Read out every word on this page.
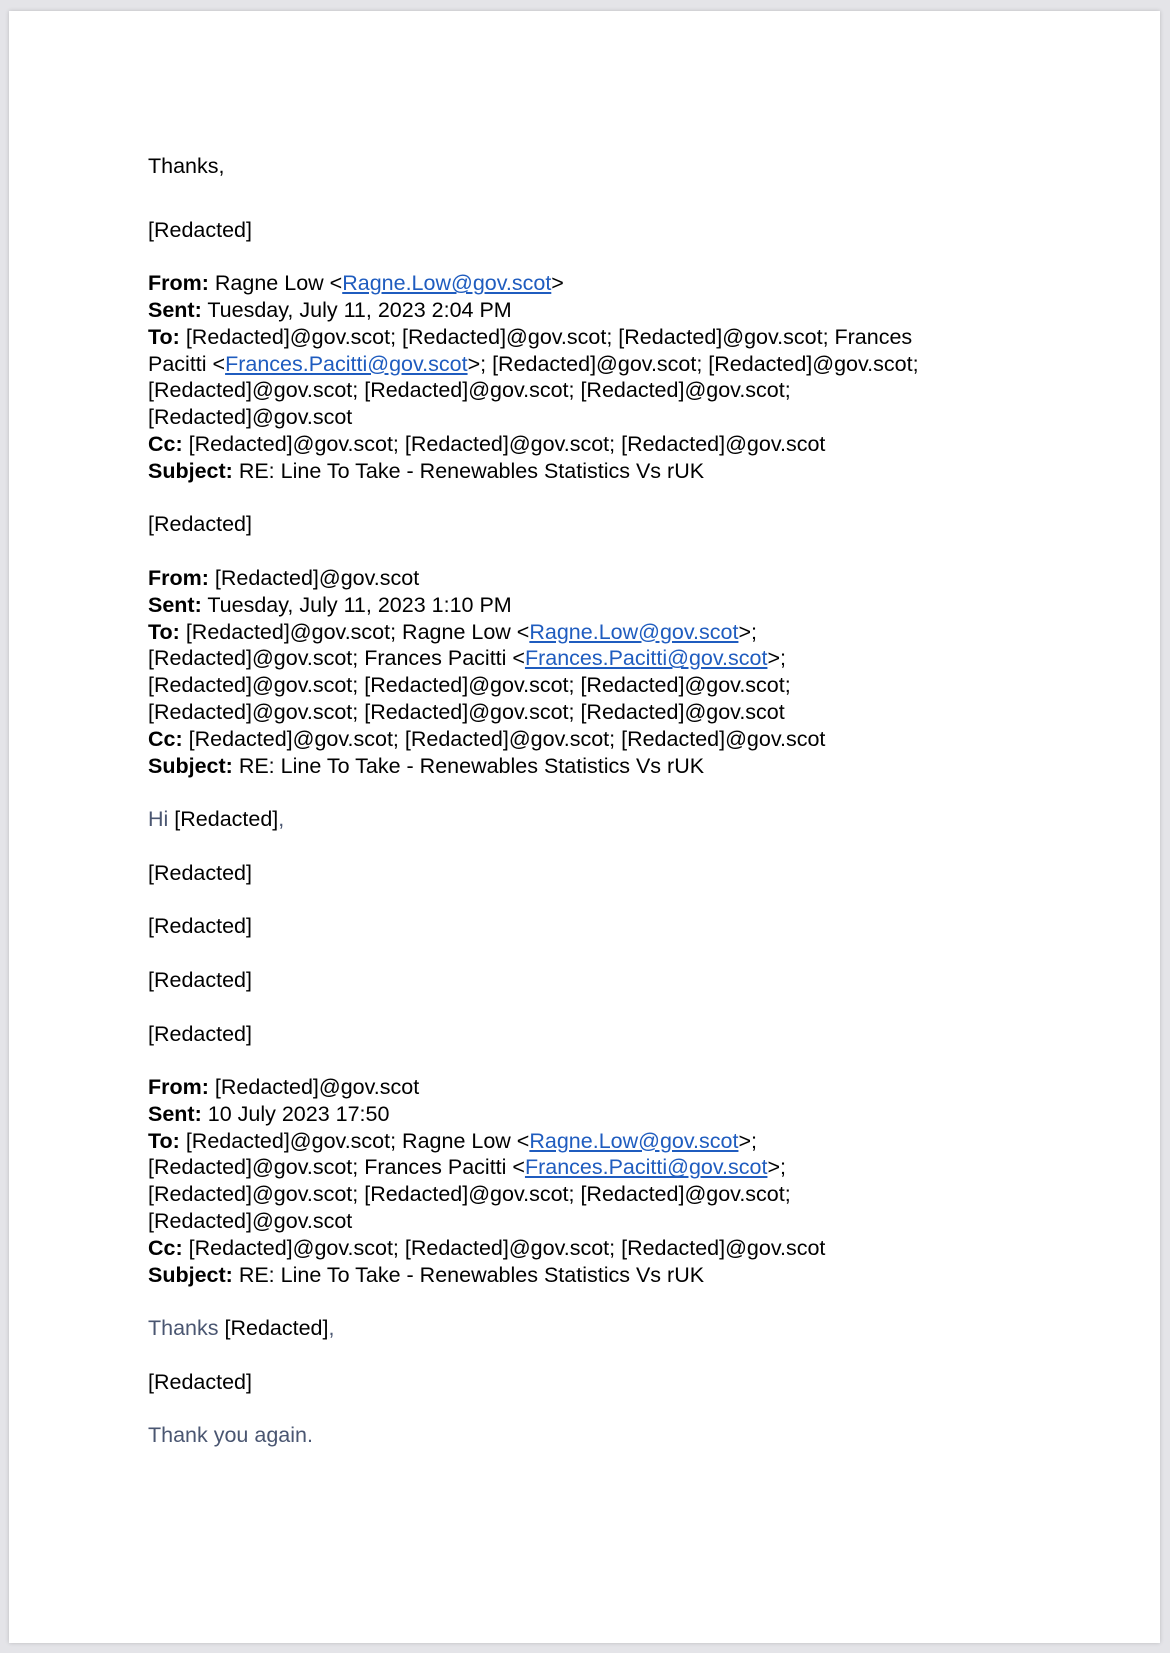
Thanks,
[Redacted]
From: Ragne Low <Ragne.Low@gov.scot>
Sent: Tuesday, July 11, 2023 2:04 PM
To: [Redacted]@gov.scot; [Redacted]@gov.scot; [Redacted]@gov.scot; Frances
Pacitti <Frances.Pacitti@gov.scot>; [Redacted]@gov.scot; [Redacted]@gov.scot;
[Redacted]@gov.scot; [Redacted]@gov.scot; [Redacted]@gov.scot;
[Redacted]@gov.scot
Cc: [Redacted]@gov.scot; [Redacted]@gov.scot; [Redacted]@gov.scot
Subject: RE: Line To Take - Renewables Statistics Vs rUK
[Redacted]
From: [Redacted]@gov.scot
Sent: Tuesday, July 11, 2023 1:10 PM
To: [Redacted]@gov.scot; Ragne Low <Ragne.Low@gov.scot>;
[Redacted]@gov.scot; Frances Pacitti <Frances.Pacitti@gov.scot>;
[Redacted]@gov.scot; [Redacted]@gov.scot; [Redacted]@gov.scot;
[Redacted]@gov.scot; [Redacted]@gov.scot; [Redacted]@gov.scot
Cc: [Redacted]@gov.scot; [Redacted]@gov.scot; [Redacted]@gov.scot
Subject: RE: Line To Take - Renewables Statistics Vs rUK
Hi [Redacted],
[Redacted]
[Redacted]
[Redacted]
[Redacted]
From: [Redacted]@gov.scot
Sent: 10 July 2023 17:50
To: [Redacted]@gov.scot; Ragne Low <Ragne.Low@gov.scot>;
[Redacted]@gov.scot; Frances Pacitti <Frances.Pacitti@gov.scot>;
[Redacted]@gov.scot; [Redacted]@gov.scot; [Redacted]@gov.scot;
[Redacted]@gov.scot
Cc: [Redacted]@gov.scot; [Redacted]@gov.scot; [Redacted]@gov.scot
Subject: RE: Line To Take - Renewables Statistics Vs rUK
Thanks [Redacted],
[Redacted]
Thank you again.
